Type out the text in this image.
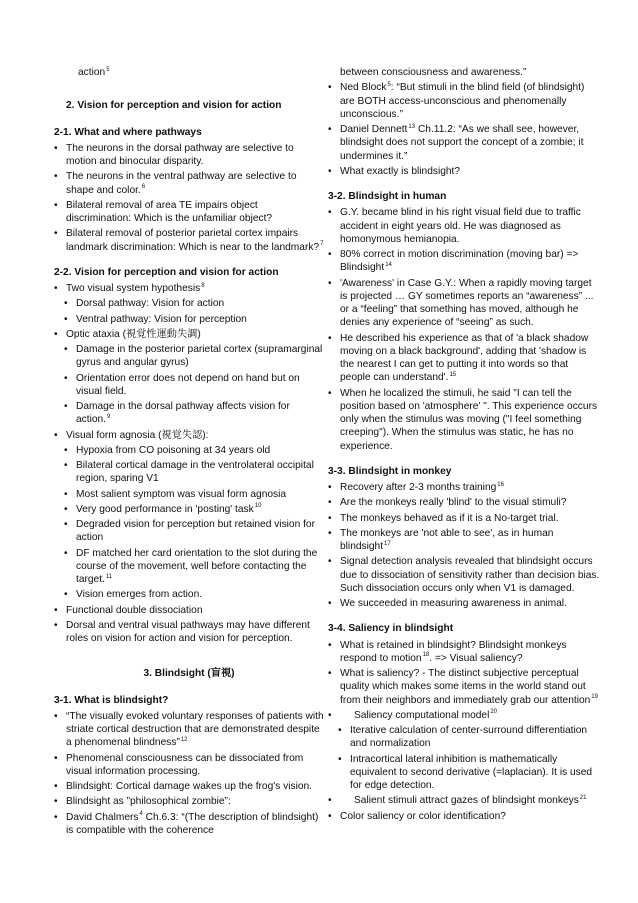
action$^5$

2. Vision for perception and vision for action
2-1. What and where pathways
• The neurons in the dorsal pathway are selective to motion and binocular disparity.
• The neurons in the ventral pathway are selective to shape and color.$^6$
• Bilateral removal of area TE impairs object discrimination: Which is the unfamiliar object?
• Bilateral removal of posterior parietal cortex impairs landmark discrimination: Which is near to the landmark?$^7$
2-2. Vision for perception and vision for action
• Two visual system hypothesis$^8$
• Dorsal pathway: Vision for action
• Ventral pathway: Vision for perception
• Optic ataxia (視覚性運動失調)
• Damage in the posterior parietal cortex (supramarginal gyrus and angular gyrus)
• Orientation error does not depend on hand but on visual field.
• Damage in the dorsal pathway affects vision for action.$^9$
• Visual form agnosia (視覚失認):
• Hypoxia from CO poisoning at 34 years old
• Bilateral cortical damage in the ventrolateral occipital region, sparing V1
• Most salient symptom was visual form agnosia
• Very good performance in 'posting' task$^{10}$
• Degraded vision for perception but retained vision for action
• DF matched her card orientation to the slot during the course of the movement, well before contacting the target.$^{11}$
• Vision emerges from action.
• Functional double dissociation
• Dorsal and ventral visual pathways may have different roles on vision for action and vision for perception.
3. Blindsight (盲視)
3-1. What is blindsight?
• “The visually evoked voluntary responses of patients with striate cortical destruction that are demonstrated despite a phenomenal blindness”$^{12}$
• Phenomenal consciousness can be dissociated from visual information processing.
• Blindsight: Cortical damage wakes up the frog's vision.
• Blindsight as ”philosophical zombie”:
• David Chalmers$^4$ Ch.6.3: “(The description of blindsight) is compatible with the coherence
between consciousness and awareness.”
• Ned Block$^5$: “But stimuli in the blind field (of blindsight) are BOTH access-unconscious and phenomenally unconscious.”
• Daniel Dennett$^{13}$ Ch.11.2: “As we shall see, however, blindsight does not support the concept of a zombie; it undermines it.”
• What exactly is blindsight?
3-2. Blindsight in human
• G.Y. became blind in his right visual field due to traffic accident in eight years old. He was diagnosed as homonymous hemianopia.
• 80% correct in motion discrimination (moving bar) => Blindsight$^{14}$
• 'Awareness' in Case G.Y.: When a rapidly moving target is projected … GY sometimes reports an “awareness” ... or a “feeling” that something has moved, although he denies any experience of “seeing” as such.
• He described his experience as that of 'a black shadow moving on a black background', adding that 'shadow is the nearest I can get to putting it into words so that people can understand'.$^{15}$
• When he localized the stimuli, he said "I can tell the position based on 'atmosphere' ". This experience occurs only when the stimulus was moving ("I feel something creeping"). When the stimulus was static, he has no experience.
3-3. Blindsight in monkey
• Recovery after 2-3 months training$^{16}$
• Are the monkeys really 'blind' to the visual stimuli?
• The monkeys behaved as if it is a No-target trial.
• The monkeys are 'not able to see', as in human blindsight$^{17}$
• Signal detection analysis revealed that blindsight occurs due to dissociation of sensitivity rather than decision bias. Such dissociation occurs only when V1 is damaged.
• We succeeded in measuring awareness in animal.
3-4. Saliency in blindsight
• What is retained in blindsight? Blindsight monkeys respond to motion$^{18}$. => Visual saliency?
• What is saliency? - The distinct subjective perceptual quality which makes some items in the world stand out from their neighbors and immediately grab our attention$^{19}$
• Saliency computational model$^{20}$
• Iterative calculation of center-surround differentiation and normalization
• Intracortical lateral inhibition is mathematically equivalent to second derivative (=laplacian). It is used for edge detection.
• Salient stimuli attract gazes of blindsight monkeys$^{21}$
• Color saliency or color identification?
